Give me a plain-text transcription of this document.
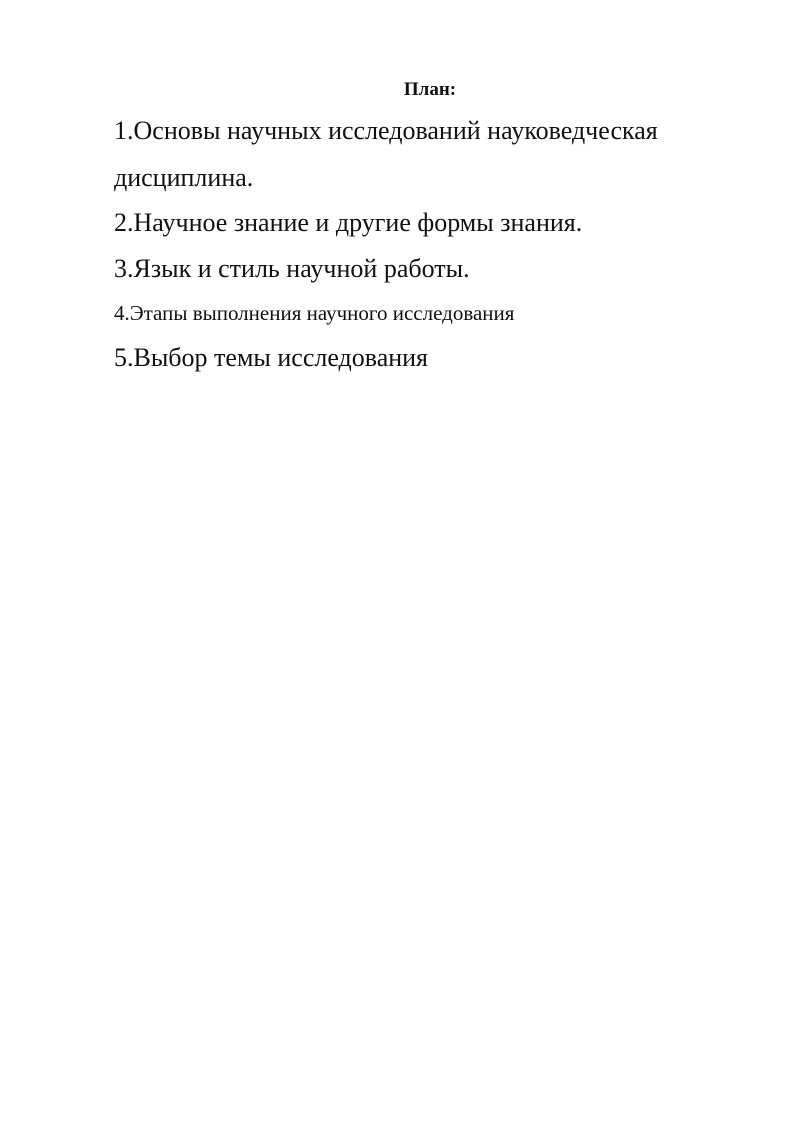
План:
1.Основы научных исследований науковедческая
дисциплина.
2.Научное знание и другие формы знания.
3.Язык и стиль научной работы.
4.Этапы выполнения научного исследования
5.Выбор темы исследования
